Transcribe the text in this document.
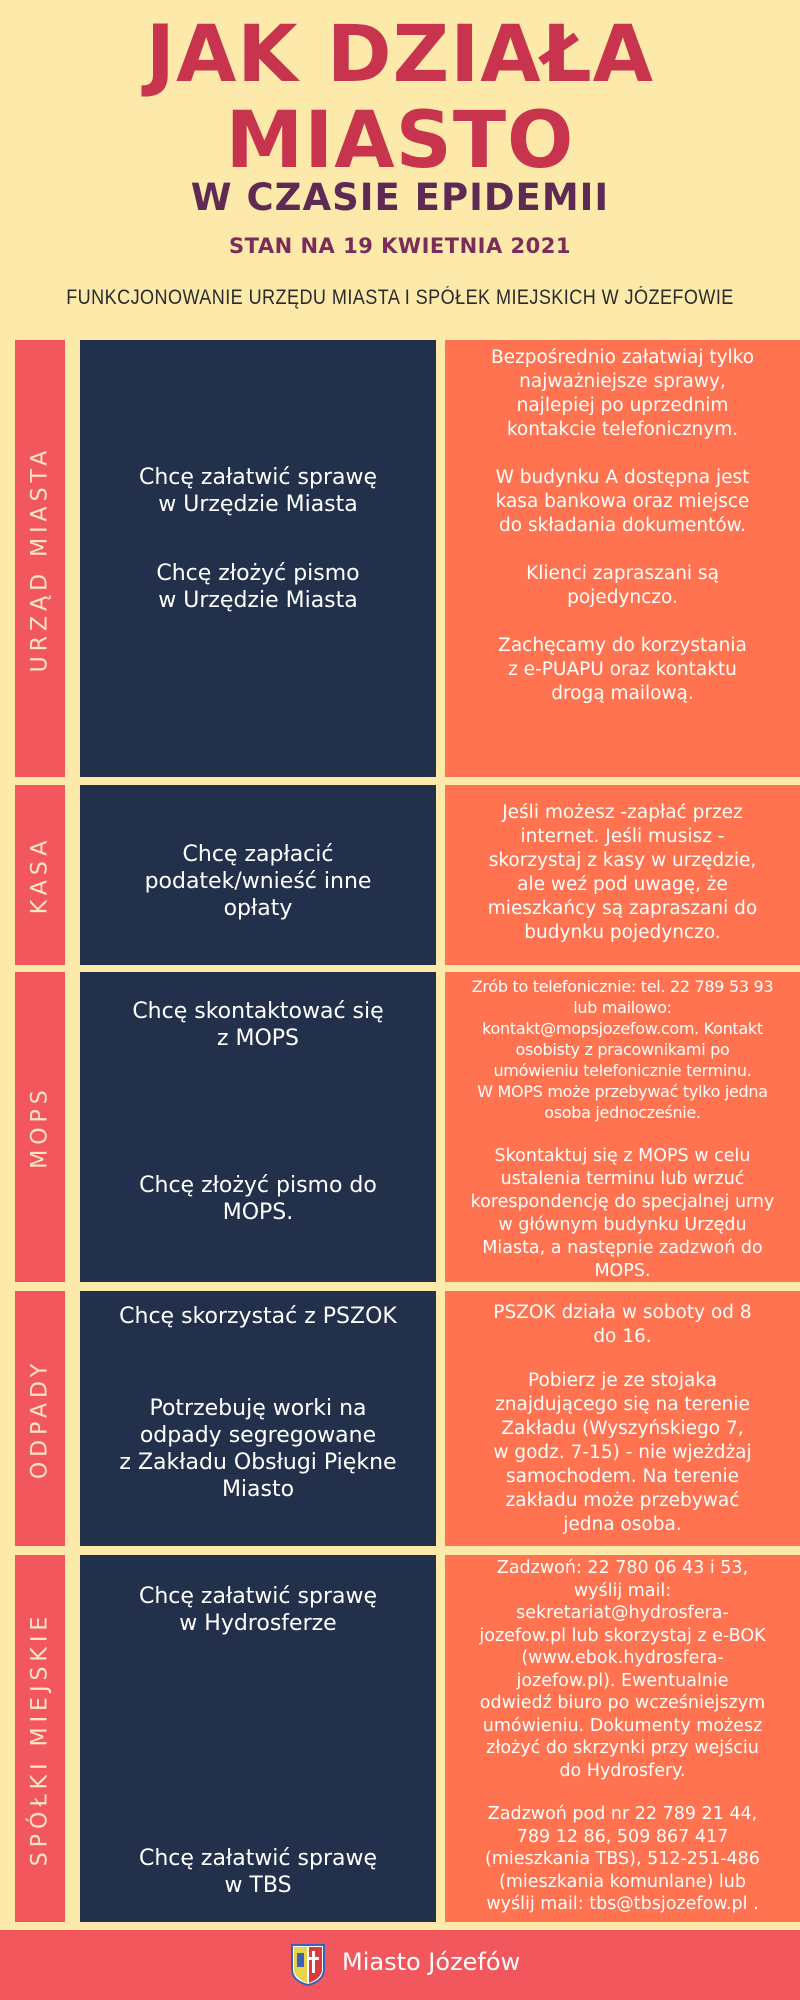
JAK DZIAŁA
MIASTO
W CZASIE EPIDEMII
STAN NA 19 KWIETNIA 2021
FUNKCJONOWANIE URZĘDU MIASTA I SPÓŁEK MIEJSKICH W JÓZEFOWIE
URZĄD MIASTA	Chcę załatwić sprawę
w Urzędzie Miasta
Chcę złożyć pismo
w Urzędzie Miasta
Bezpośrednio załatwiaj tylko
najważniejsze sprawy,
najlepiej po uprzednim
kontakcie telefonicznym.
W budynku A dostępna jest
kasa bankowa oraz miejsce
do składania dokumentów.
Klienci zapraszani są
pojedynczo.
Zachęcamy do korzystania
z e-PUAPU oraz kontaktu
drogą mailową.
KASA	Chcę zapłacić
podatek/wnieść inne
opłaty
Jeśli możesz -zapłać przez
internet. Jeśli musisz -
skorzystaj z kasy w urzędzie,
ale weź pod uwagę, że
mieszkańcy są zapraszani do
budynku pojedynczo.
MOPS
Chcę skontaktować się
z MOPS
Chcę złożyć pismo do
MOPS.
Zrób to telefonicznie: tel. 22 789 53 93
lub mailowo:
kontakt@mopsjozefow.com. Kontakt
osobisty z pracownikami po
umówieniu telefonicznie terminu.
W MOPS może przebywać tylko jedna
osoba jednocześnie.
Skontaktuj się z MOPS w celu
ustalenia terminu lub wrzuć
korespondencję do specjalnej urny
w głównym budynku Urzędu
Miasta, a następnie zadzwoń do
MOPS.
ODPADY
Chcę skorzystać z PSZOK
Potrzebuję worki na
odpady segregowane
z Zakładu Obsługi Piękne
Miasto
PSZOK działa w soboty od 8
do 16.
Pobierz je ze stojaka
znajdującego się na terenie
Zakładu (Wyszyńskiego 7,
w godz. 7-15) - nie wjeżdżaj
samochodem. Na terenie
zakładu może przebywać
jedna osoba.
SPÓŁKI MIEJSKIE
Chcę załatwić sprawę
w Hydrosferze
Chcę załatwić sprawę
w TBS
Zadzwoń: 22 780 06 43 i 53,
wyślij mail:
sekretariat@hydrosfera-
jozefow.pl lub skorzystaj z e-BOK
(www.ebok.hydrosfera-
jozefow.pl). Ewentualnie
odwiedź biuro po wcześniejszym
umówieniu. Dokumenty możesz
złożyć do skrzynki przy wejściu
do Hydrosfery.
Zadzwoń pod nr 22 789 21 44,
789 12 86, 509 867 417
(mieszkania TBS), 512-251-486
(mieszkania komunlane) lub
wyślij mail: tbs@tbsjozefow.pl .
Miasto Józefów
